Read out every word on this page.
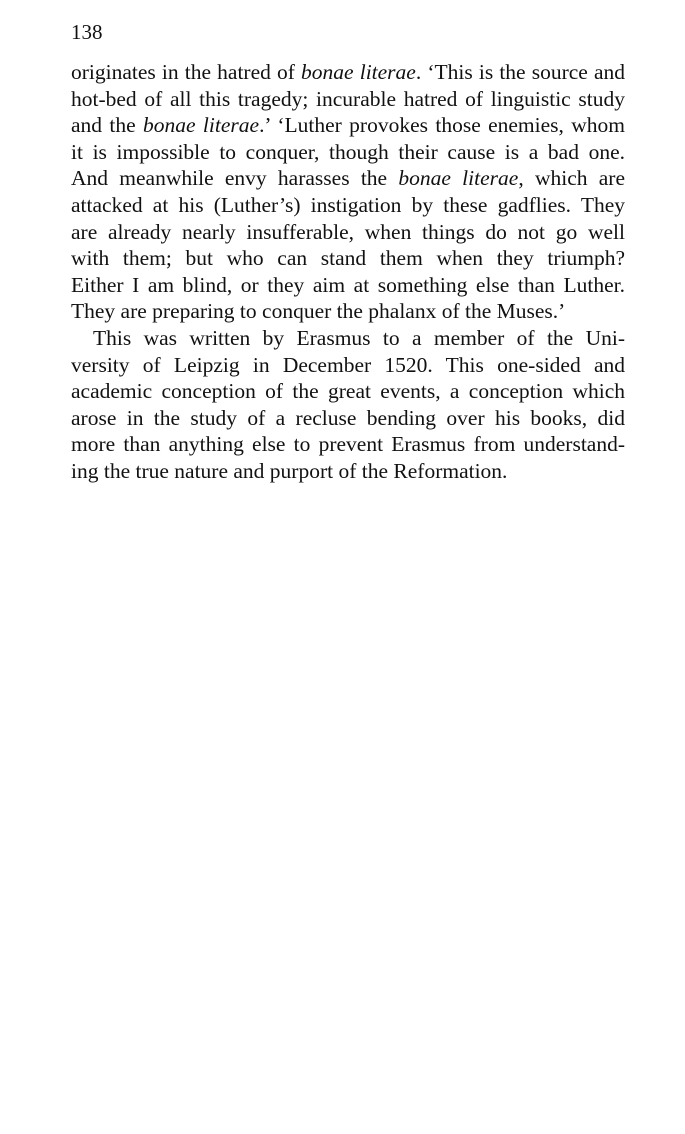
138
originates in the hatred of bonae literae. ‘This is the source and
hot-bed of all this tragedy; incurable hatred of linguistic study
and the bonae literae.’ ‘Luther provokes those enemies, whom
it is impossible to conquer, though their cause is a bad one.
And meanwhile envy harasses the bonae literae, which are
attacked at his (Luther’s) instigation by these gadflies. They
are already nearly insufferable, when things do not go well
with them; but who can stand them when they triumph?
Either I am blind, or they aim at something else than Luther.
They are preparing to conquer the phalanx of the Muses.’
This was written by Erasmus to a member of the Uni-
versity of Leipzig in December 1520. This one-sided and
academic conception of the great events, a conception which
arose in the study of a recluse bending over his books, did
more than anything else to prevent Erasmus from understand-
ing the true nature and purport of the Reformation.
